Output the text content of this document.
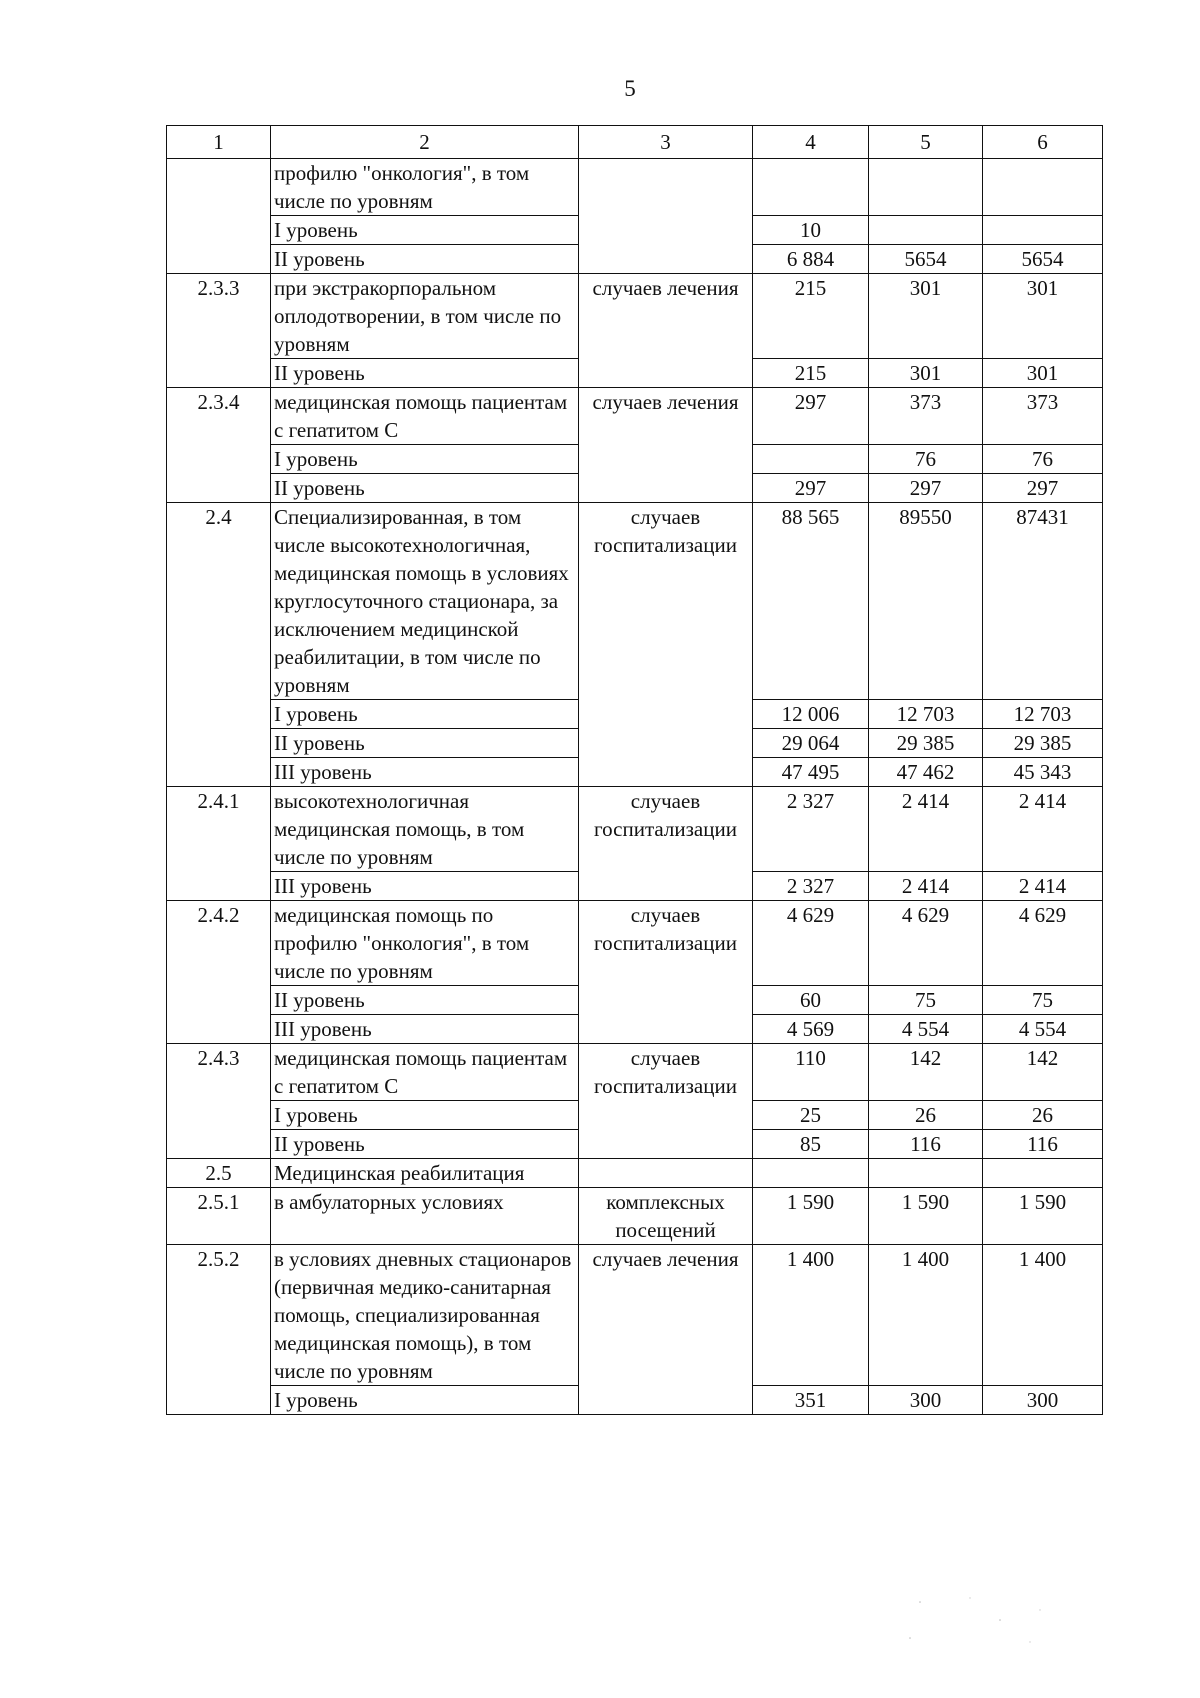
5
1	2	3	4	5	6
	профилю "онкология", в том числе по уровням				
	I уровень		10		
	II уровень		6 884	5654	5654
2.3.3	при экстракорпоральном оплодотворении, в том числе по уровням	случаев лечения	215	301	301
	II уровень		215	301	301
2.3.4	медицинская помощь пациентам с гепатитом С	случаев лечения	297	373	373
	I уровень			76	76
	II уровень		297	297	297
2.4	Специализированная, в том числе высокотехнологичная, медицинская помощь в условиях круглосуточного стационара, за исключением медицинской реабилитации, в том числе по уровням	случаев госпитализации	88 565	89550	87431
	I уровень		12 006	12 703	12 703
	II уровень		29 064	29 385	29 385
	III уровень		47 495	47 462	45 343
2.4.1	высокотехнологичная медицинская помощь, в том числе по уровням	случаев госпитализации	2 327	2 414	2 414
	III уровень		2 327	2 414	2 414
2.4.2	медицинская помощь по профилю "онкология", в том числе по уровням	случаев госпитализации	4 629	4 629	4 629
	II уровень		60	75	75
	III уровень		4 569	4 554	4 554
2.4.3	медицинская помощь пациентам с гепатитом С	случаев госпитализации	110	142	142
	I уровень		25	26	26
	II уровень		85	116	116
2.5	Медицинская реабилитация				
2.5.1	в амбулаторных условиях	комплексных посещений	1 590	1 590	1 590
2.5.2	в условиях дневных стационаров (первичная медико-санитарная помощь, специализированная медицинская помощь), в том числе по уровням	случаев лечения	1 400	1 400	1 400
	I уровень		351	300	300
